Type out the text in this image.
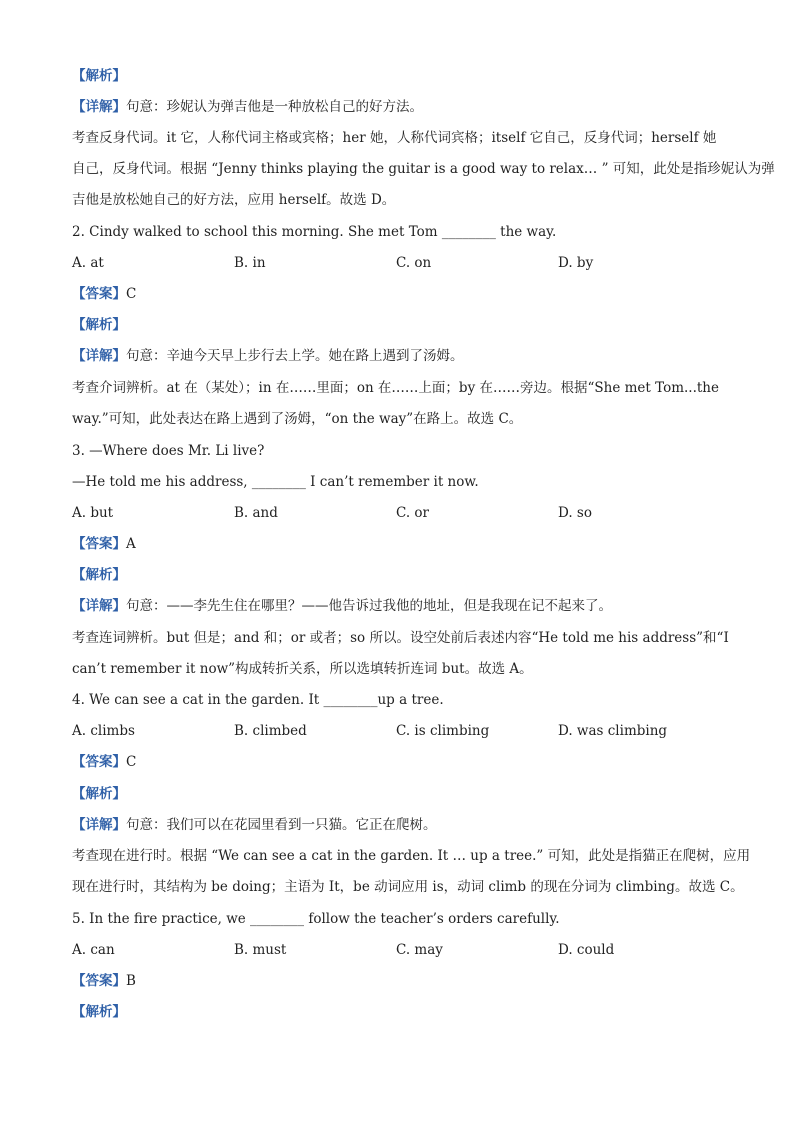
【解析】
【详解】句意：珍妮认为弹吉他是一种放松自己的好方法。
考查反身代词。it 它，人称代词主格或宾格；her 她，人称代词宾格；itself 它自己，反身代词；herself 她
自己，反身代词。根据 “Jenny thinks playing the guitar is a good way to relax… ” 可知，此处是指珍妮认为弹
吉他是放松她自己的好方法，应用 herself。故选 D。
2. Cindy walked to school this morning. She met Tom ________ the way.
A. at	B. in	C. on	D. by
【答案】C
【解析】
【详解】句意：辛迪今天早上步行去上学。她在路上遇到了汤姆。
考查介词辨析。at 在（某处）；in 在……里面；on 在……上面；by 在……旁边。根据“She met Tom...the
way.”可知，此处表达在路上遇到了汤姆，“on the way”在路上。故选 C。
3. —Where does Mr. Li live?
—He told me his address, ________ I can’t remember it now.
A. but	B. and	C. or	D. so
【答案】A
【解析】
【详解】句意：——李先生住在哪里？——他告诉过我他的地址，但是我现在记不起来了。
考查连词辨析。but 但是；and 和；or 或者；so 所以。设空处前后表述内容“He told me his address”和“I
can’t remember it now”构成转折关系，所以选填转折连词 but。故选 A。
4. We can see a cat in the garden. It ________up a tree.
A. climbs	B. climbed	C. is climbing	D. was climbing
【答案】C
【解析】
【详解】句意：我们可以在花园里看到一只猫。它正在爬树。
考查现在进行时。根据 “We can see a cat in the garden. It … up a tree.” 可知，此处是指猫正在爬树，应用
现在进行时，其结构为 be doing；主语为 It，be 动词应用 is，动词 climb 的现在分词为 climbing。故选 C。
5. In the fire practice, we ________ follow the teacher’s orders carefully.
A. can	B. must	C. may	D. could
【答案】B
【解析】
